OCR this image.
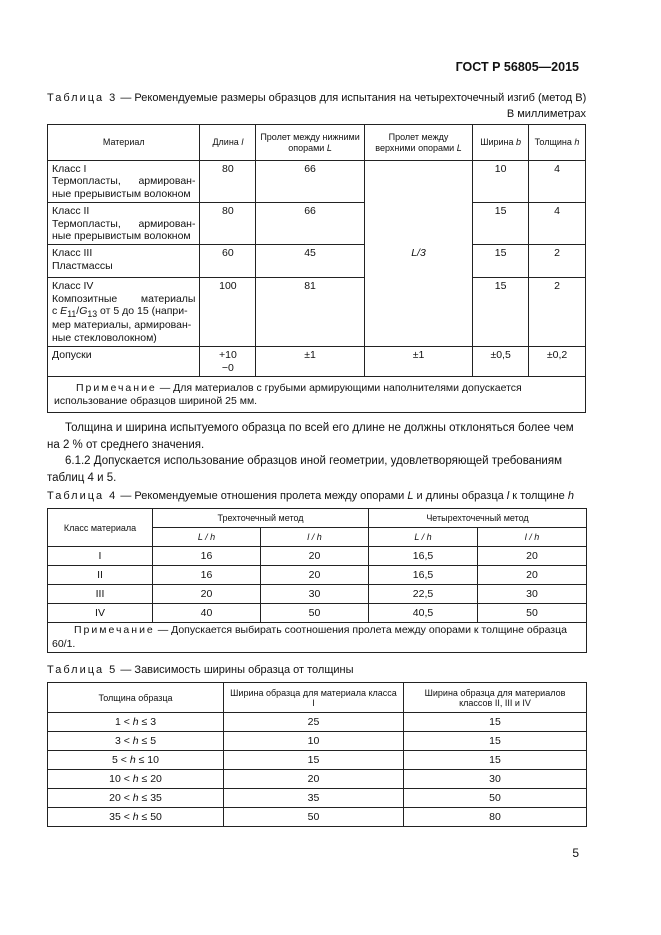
ГОСТ Р 56805—2015
Таблица 3 — Рекомендуемые размеры образцов для испытания на четырехточечный изгиб (метод В)
В миллиметрах
Материал	Длина l	Пролет между нижними опорами L	Пролет между верхними опорами L	Ширина b	Толщина h

Класс I
Термопласты, армирован-
ные прерывистым волокном	80	66	L/3	10	4

Класс II
Термопласты, армирован-
ные прерывистым волокном	80	66		15	4

Класс III
Пластмассы	60	45		15	2

Класс IV
Композитные материалы
с $E_{11}/G_{13}$ от 5 до 15 (напри-
мер материалы, армирован-
ные стекловолокном)	100	81		15	2
Допуски	+10
−0	±1	±1	±0,5	±0,2
Примечание — Для материалов с грубыми армирующими наполнителями допускается использование образцов шириной 25 мм.					
Толщина и ширина испытуемого образца по всей его длине не должны отклоняться более чем на 2 % от среднего значения.
6.1.2 Допускается использование образцов иной геометрии, удовлетворяющей требованиям таблиц 4 и 5.
Таблица 4 — Рекомендуемые отношения пролета между опорами L и длины образца l к толщине h
Класс материала	Трехточечный метод		Четырехточечный метод	
	L / h	l / h	L / h	l / h
I	16	20	16,5	20
II	16	20	16,5	20
III	20	30	22,5	30
IV	40	50	40,5	50
Примечание — Допускается выбирать соотношения пролета между опорами к толщине образца 60/1.				
Таблица 5 — Зависимость ширины образца от толщины
Толщина образца	Ширина образца для материала класса I	Ширина образца для материалов классов II, III и IV
1 < h ≤ 3	25	15
3 < h ≤ 5	10	15
5 < h ≤ 10	15	15
10 < h ≤ 20	20	30
20 < h ≤ 35	35	50
35 < h ≤ 50	50	80
5
